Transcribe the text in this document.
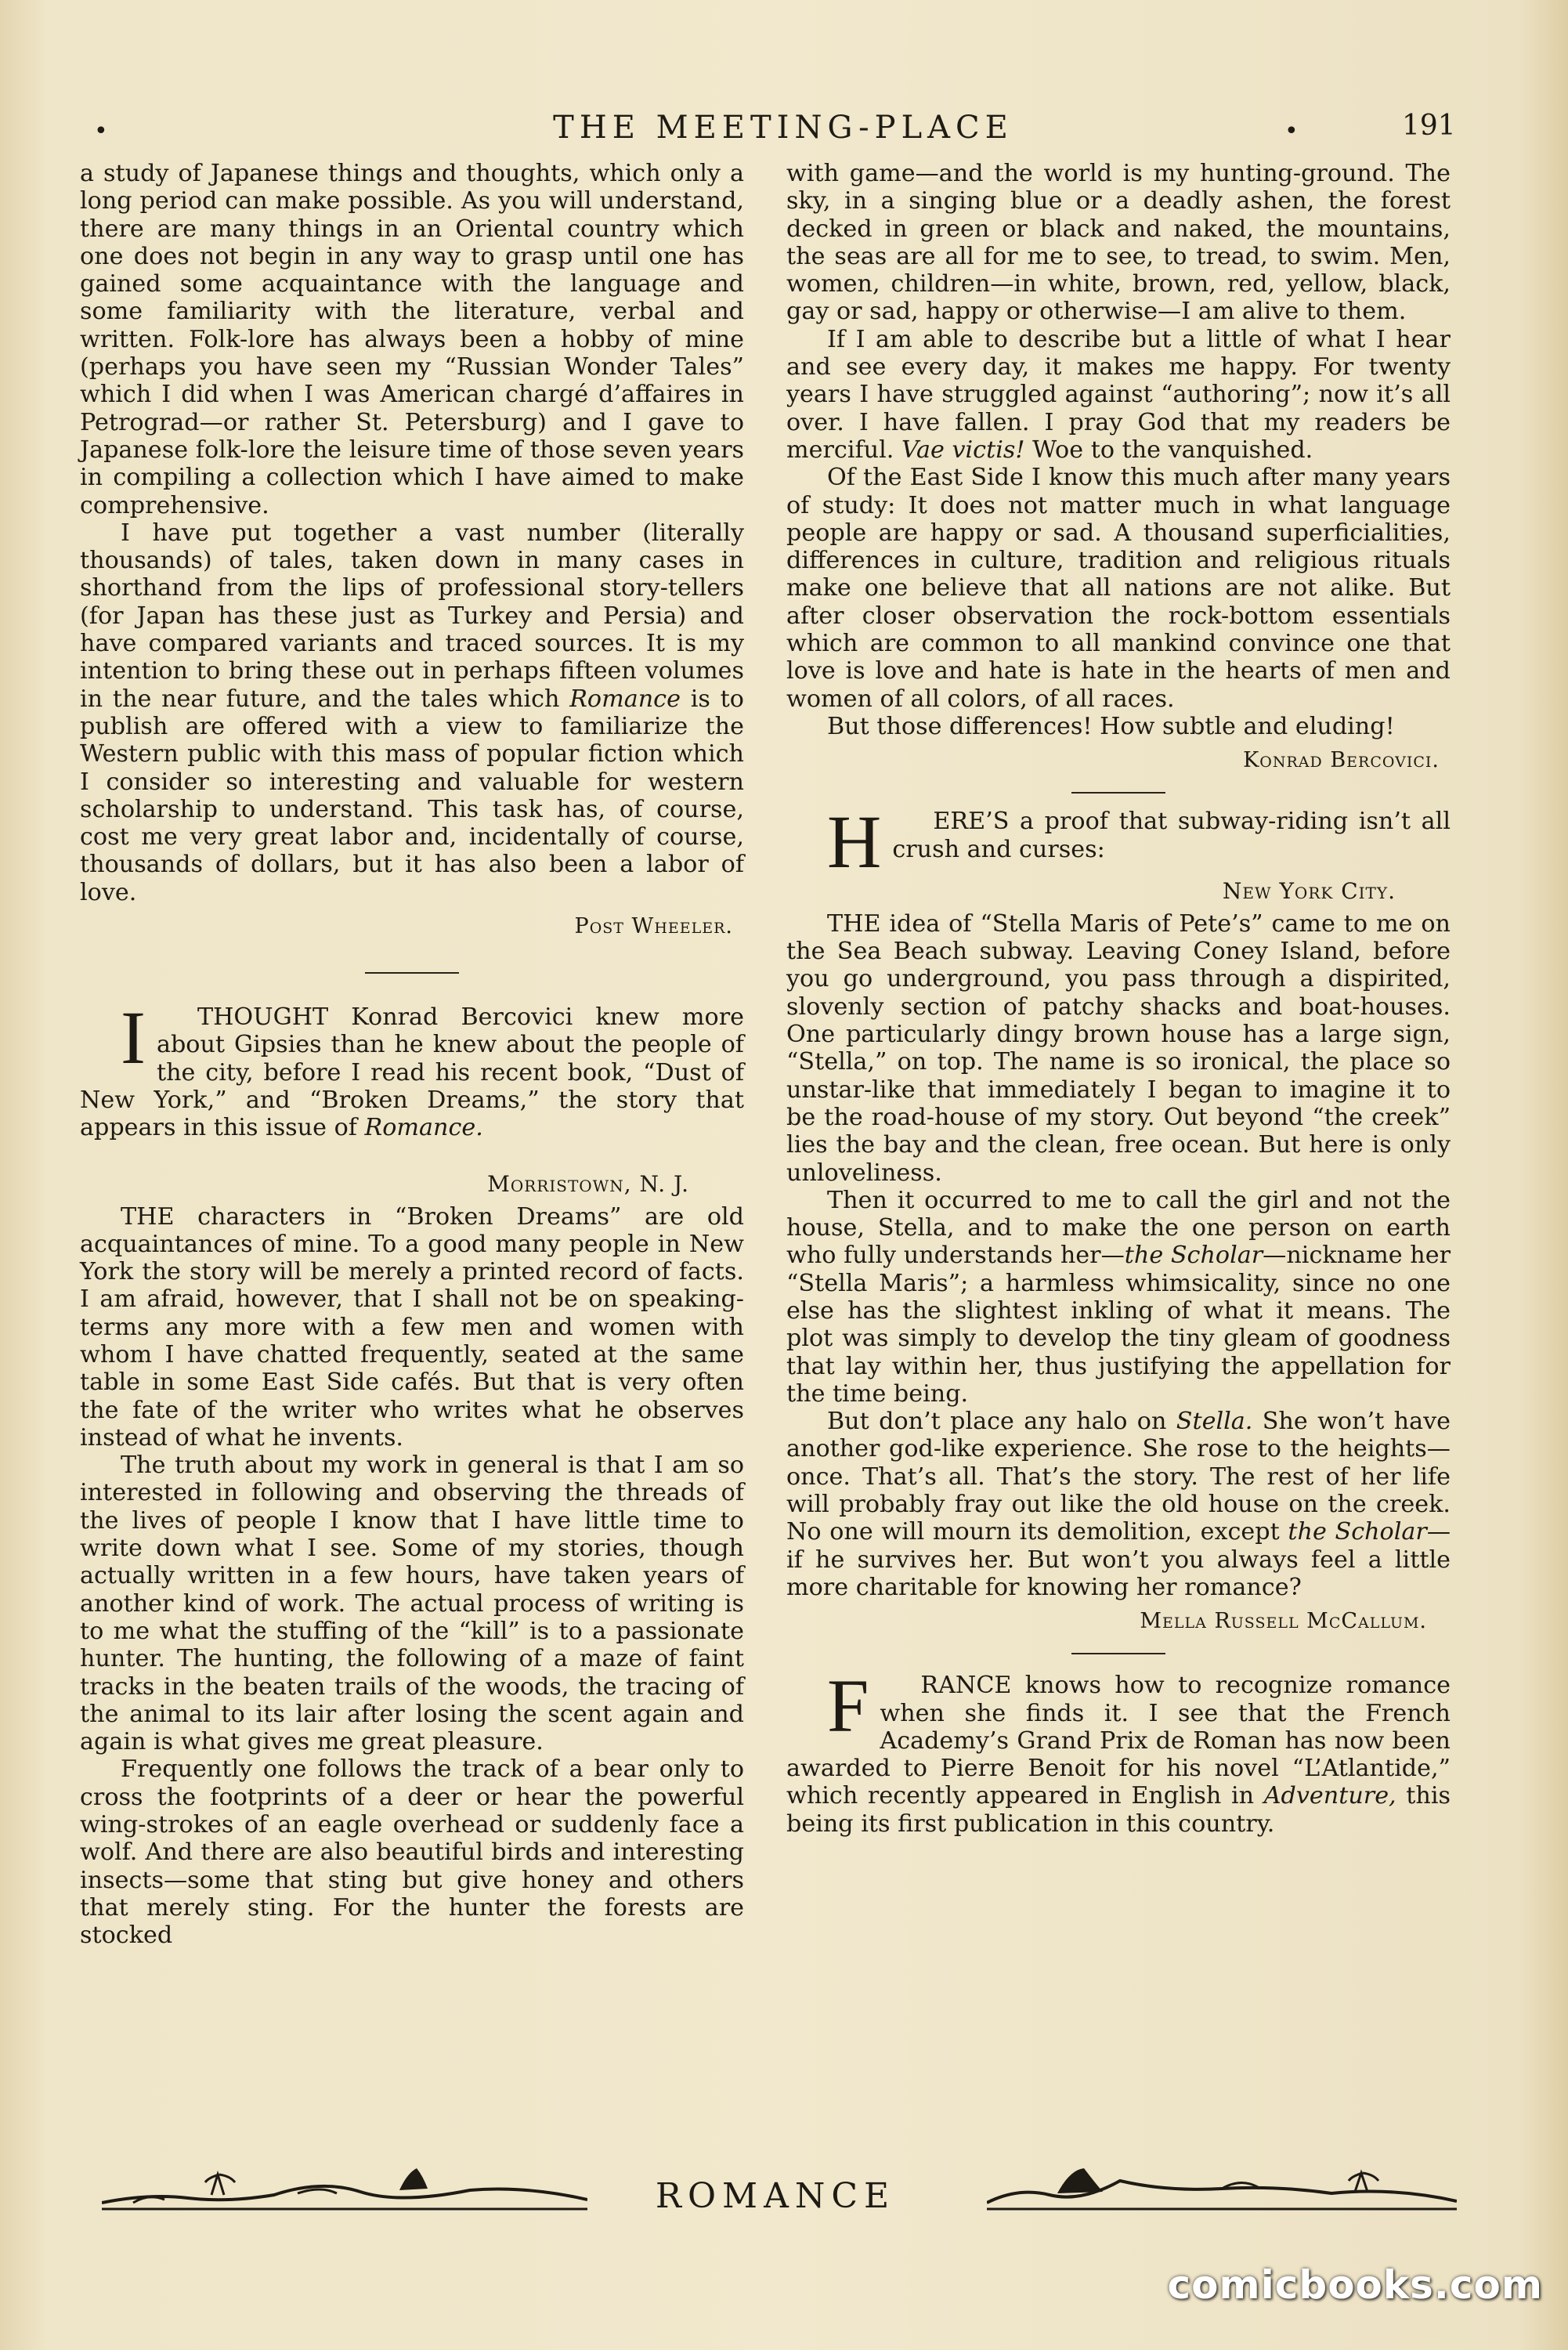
•	THE MEETING-PLACE	•	191

a study of Japanese things and thoughts, which only a long period can make possible. As you will understand, there are many things in an Oriental country which one does not begin in any way to grasp until one has gained some acquaintance with the language and some familiarity with the literature, verbal and written. Folk-lore has always been a hobby of mine (perhaps you have seen my “Russian Wonder Tales” which I did when I was American chargé d’affaires in Petrograd—or rather St. Petersburg) and I gave to Japanese folk-lore the leisure time of those seven years in compiling a collection which I have aimed to make comprehensive.

I have put together a vast number (literally thousands) of tales, taken down in many cases in shorthand from the lips of professional story-tellers (for Japan has these just as Turkey and Persia) and have compared variants and traced sources. It is my intention to bring these out in perhaps fifteen volumes in the near future, and the tales which Romance is to publish are offered with a view to familiarize the Western public with this mass of popular fiction which I consider so interesting and valuable for western scholarship to understand. This task has, of course, cost me very great labor and, incidentally of course, thousands of dollars, but it has also been a labor of love.

Post Wheeler.

I THOUGHT Konrad Bercovici knew more about Gipsies than he knew about the people of the city, before I read his recent book, “Dust of New York,” and “Broken Dreams,” the story that appears in this issue of Romance.

Morristown, N. J.

THE characters in “Broken Dreams” are old acquaintances of mine. To a good many people in New York the story will be merely a printed record of facts. I am afraid, however, that I shall not be on speaking-terms any more with a few men and women with whom I have chatted frequently, seated at the same table in some East Side cafés. But that is very often the fate of the writer who writes what he observes instead of what he invents.

The truth about my work in general is that I am so interested in following and observing the threads of the lives of people I know that I have little time to write down what I see. Some of my stories, though actually written in a few hours, have taken years of another kind of work. The actual process of writing is to me what the stuffing of the “kill” is to a passionate hunter. The hunting, the following of a maze of faint tracks in the beaten trails of the woods, the tracing of the animal to its lair after losing the scent again and again is what gives me great pleasure.

Frequently one follows the track of a bear only to cross the footprints of a deer or hear the powerful wing-strokes of an eagle overhead or suddenly face a wolf. And there are also beautiful birds and interesting insects—some that sting but give honey and others that merely sting. For the hunter the forests are stocked

with game—and the world is my hunting-ground. The sky, in a singing blue or a deadly ashen, the forest decked in green or black and naked, the mountains, the seas are all for me to see, to tread, to swim. Men, women, children—in white, brown, red, yellow, black, gay or sad, happy or otherwise—I am alive to them.

If I am able to describe but a little of what I hear and see every day, it makes me happy. For twenty years I have struggled against “authoring”; now it’s all over. I have fallen. I pray God that my readers be merciful. Vae victis! Woe to the vanquished.

Of the East Side I know this much after many years of study: It does not matter much in what language people are happy or sad. A thousand superficialities, differences in culture, tradition and religious rituals make one believe that all nations are not alike. But after closer observation the rock-bottom essentials which are common to all mankind convince one that love is love and hate is hate in the hearts of men and women of all colors, of all races.

But those differences! How subtle and eluding!

Konrad Bercovici.

H ERE’S a proof that subway-riding isn’t all crush and curses:

New York City.

THE idea of “Stella Maris of Pete’s” came to me on the Sea Beach subway. Leaving Coney Island, before you go underground, you pass through a dispirited, slovenly section of patchy shacks and boat-houses. One particularly dingy brown house has a large sign, “Stella,” on top. The name is so ironical, the place so unstar-like that immediately I began to imagine it to be the road-house of my story. Out beyond “the creek” lies the bay and the clean, free ocean. But here is only unloveliness.

Then it occurred to me to call the girl and not the house, Stella, and to make the one person on earth who fully understands her—the Scholar—nickname her “Stella Maris”; a harmless whimsicality, since no one else has the slightest inkling of what it means. The plot was simply to develop the tiny gleam of goodness that lay within her, thus justifying the appellation for the time being.

But don’t place any halo on Stella. She won’t have another god-like experience. She rose to the heights—once. That’s all. That’s the story. The rest of her life will probably fray out like the old house on the creek. No one will mourn its demolition, except the Scholar—if he survives her. But won’t you always feel a little more charitable for knowing her romance?

Mella Russell McCallum.

F RANCE knows how to recognize romance when she finds it. I see that the French Academy’s Grand Prix de Roman has now been awarded to Pierre Benoit for his novel “L’Atlantide,” which recently appeared in English in Adventure, this being its first publication in this country.

ROMANCE
comicbooks.com
